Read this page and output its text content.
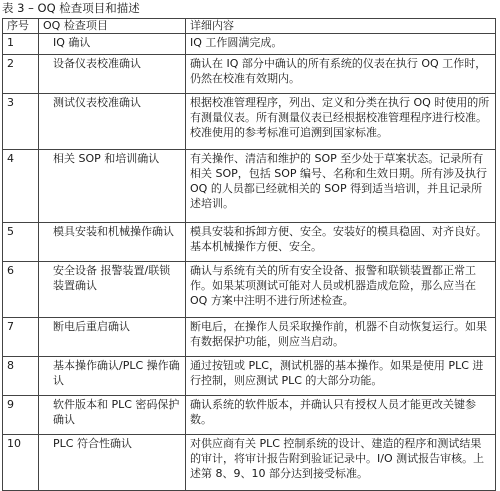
表 3 – OQ 检查项目和描述
序号	OQ 检查项目	详细内容
1	IQ 确认	IQ 工作圆满完成。
2	设备仪表校准确认	确认在 IQ 部分中确认的所有系统的仪表在执行 OQ 工作时，仍然在校准有效期内。
3	测试仪表校准确认	根据校准管理程序，列出、定义和分类在执行 OQ 时使用的所有测量仪表。所有测量仪表已经根据校准管理程序进行校准。校准使用的参考标准可追溯到国家标准。
4	相关 SOP 和培训确认	有关操作、清洁和维护的 SOP 至少处于草案状态。记录所有相关 SOP，包括 SOP 编号、名称和生效日期。所有涉及执行 OQ 的人员都已经就相关的 SOP 得到适当培训，并且记录所述培训。
5	模具安装和机械操作确认	模具安装和拆卸方便、安全。安装好的模具稳固、对齐良好。基本机械操作方便、安全。
6	安全设备 报警装置/联锁装置确认	确认与系统有关的所有安全设备、报警和联锁装置都正常工作。如果某项测试可能对人员或机器造成危险，那么应当在 OQ 方案中注明不进行所述检查。
7	断电后重启确认	断电后，在操作人员采取操作前，机器不自动恢复运行。如果有数据保护功能，则应当启动。
8	基本操作确认/PLC 操作确认	通过按钮或 PLC，测试机器的基本操作。如果是使用 PLC 进行控制，则应测试 PLC 的大部分功能。
9	软件版本和 PLC 密码保护确认	确认系统的软件版本，并确认只有授权人员才能更改关键参数。
10	PLC 符合性确认	对供应商有关 PLC 控制系统的设计、建造的程序和测试结果的审计，将审计报告附到验证记录中。I/O 测试报告审核。上述第 8、9、10 部分达到接受标准。
